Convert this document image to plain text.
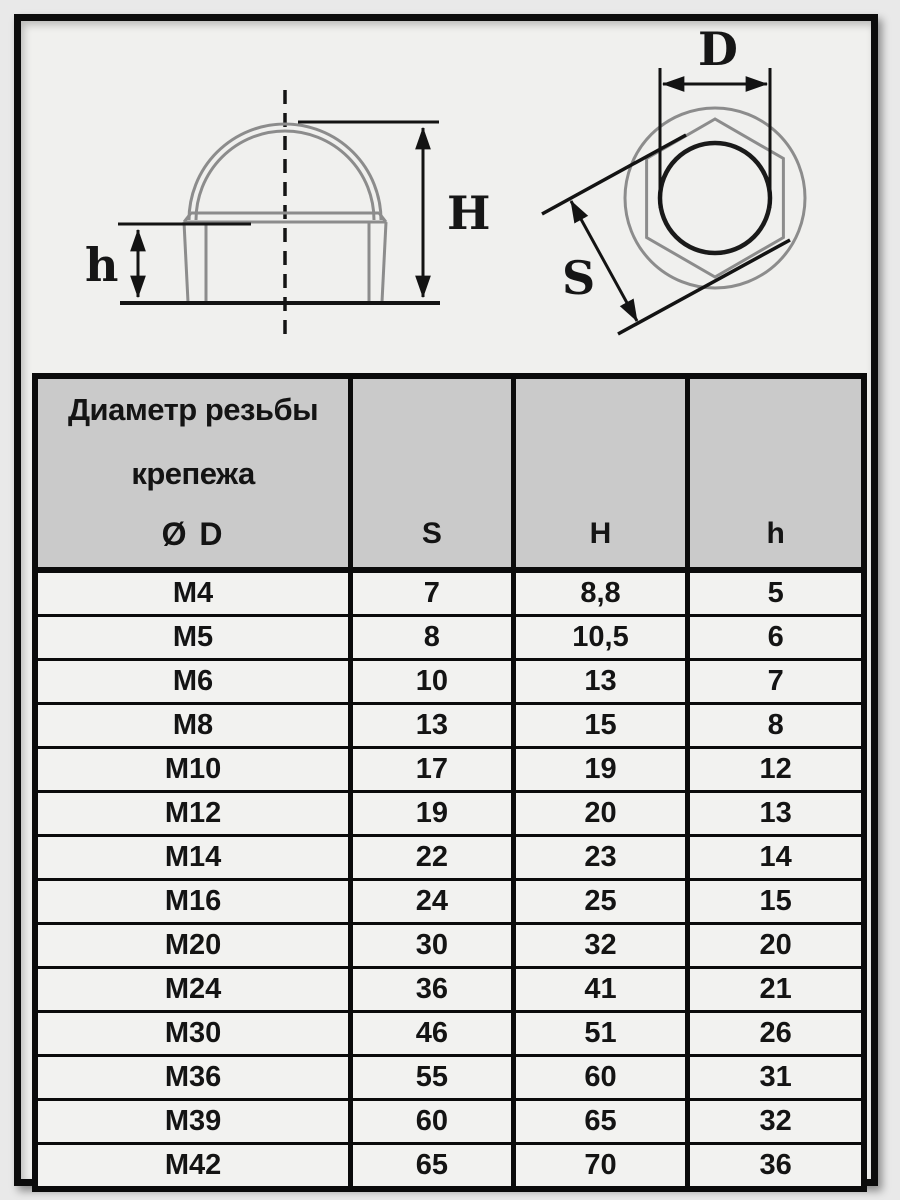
H
h
D
S
Диаметр резьбы
крепежа
Ø D	S	H	h
M4	7	8,8	5
M5	8	10,5	6
M6	10	13	7
M8	13	15	8
M10	17	19	12
M12	19	20	13
M14	22	23	14
M16	24	25	15
M20	30	32	20
M24	36	41	21
M30	46	51	26
M36	55	60	31
M39	60	65	32
M42	65	70	36
